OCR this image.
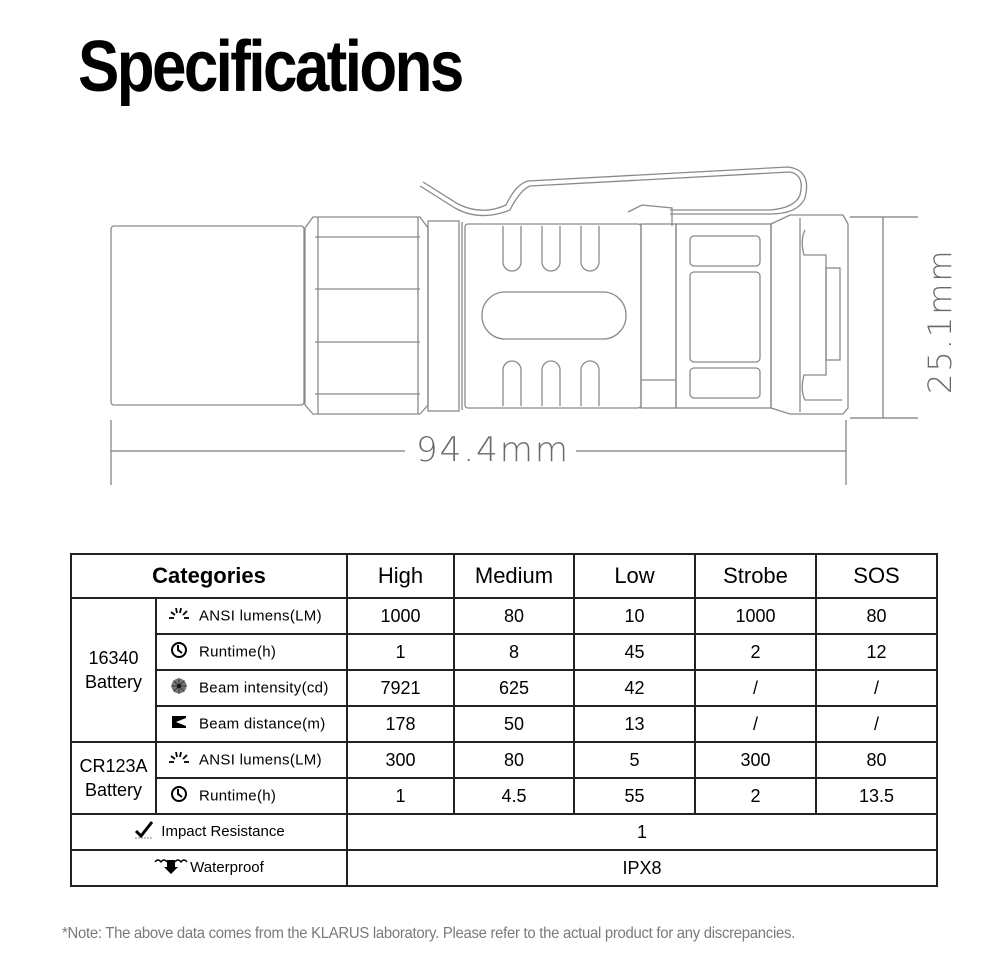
Specifications
94.4mm
25.1mm
Categories		High	Medium	Low	Strobe	SOS

16340
Battery	ANSI lumens(LM)	1000	80	10	1000	80
	Runtime(h)	1	8	45	2	12
	Beam intensity(cd)	7921	625	42	/	/
	Beam distance(m)	178	50	13	/	/

CR123A
Battery	ANSI lumens(LM)	300	80	5	300	80
	Runtime(h)	1	4.5	55	2	13.5
Impact Resistance		1				
Waterproof		IPX8				
*Note: The above data comes from the KLARUS laboratory. Please refer to the actual product for any discrepancies.
